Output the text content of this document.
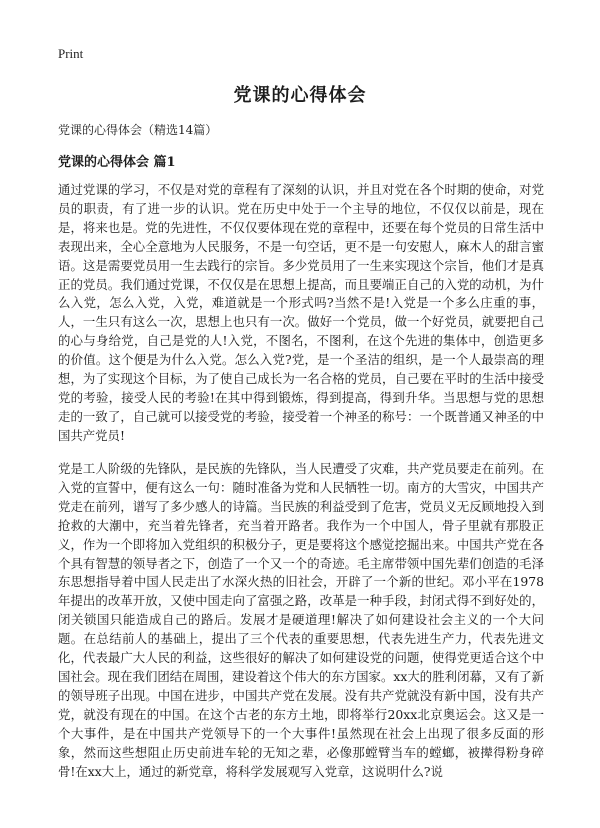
Print
党课的心得体会
党课的心得体会（精选14篇）
党课的心得体会 篇1

通过党课的学习，不仅是对党的章程有了深刻的认识，并且对党在各个时期的使命，对党员的职责，有了进一步的认识。党在历史中处于一个主导的地位，不仅仅以前是，现在是，将来也是。党的先进性，不仅仅要体现在党的章程中，还要在每个党员的日常生活中表现出来，全心全意地为人民服务，不是一句空话，更不是一句安慰人，麻木人的甜言蜜语。这是需要党员用一生去践行的宗旨。多少党员用了一生来实现这个宗旨，他们才是真正的党员。我们通过党课，不仅仅是在思想上提高，而且要端正自己的入党的动机，为什么入党，怎么入党，入党，难道就是一个形式吗?当然不是!入党是一个多么庄重的事，人，一生只有这么一次，思想上也只有一次。做好一个党员，做一个好党员，就要把自己的心与身给党，自己是党的人!入党，不图名，不图利，在这个先进的集体中，创造更多的价值。这个便是为什么入党。怎么入党?党，是一个圣洁的组织，是一个人最崇高的理想，为了实现这个目标，为了使自己成长为一名合格的党员，自己要在平时的生活中接受党的考验，接受人民的考验!在其中得到锻炼，得到提高，得到升华。当思想与党的思想走的一致了，自己就可以接受党的考验，接受着一个神圣的称号：一个既普通又神圣的中国共产党员!

党是工人阶级的先锋队，是民族的先锋队，当人民遭受了灾难，共产党员要走在前列。在入党的宣誓中，便有这么一句：随时准备为党和人民牺牲一切。南方的大雪灾，中国共产党走在前列，谱写了多少感人的诗篇。当民族的利益受到了危害，党员义无反顾地投入到抢救的大潮中，充当着先锋者，充当着开路者。我作为一个中国人，骨子里就有那股正义，作为一个即将加入党组织的积极分子，更是要将这个感觉挖掘出来。中国共产党在各个具有智慧的领导者之下，创造了一个又一个的奇迹。毛主席带领中国先辈们创造的毛泽东思想指导着中国人民走出了水深火热的旧社会，开辟了一个新的世纪。邓小平在1978年提出的改革开放，又使中国走向了富强之路，改革是一种手段，封闭式得不到好处的，闭关锁国只能造成自己的路后。发展才是硬道理!解决了如何建设社会主义的一个大问题。在总结前人的基础上，提出了三个代表的重要思想，代表先进生产力，代表先进文化，代表最广大人民的利益，这些很好的解决了如何建设党的问题，使得党更适合这个中国社会。现在我们团结在周围，建设着这个伟大的东方国家。xx大的胜利闭幕，又有了新的领导班子出现。中国在进步，中国共产党在发展。没有共产党就没有新中国，没有共产党，就没有现在的中国。在这个古老的东方土地，即将举行20xx北京奥运会。这又是一个大事件，是在中国共产党领导下的一个大事件!虽然现在社会上出现了很多反面的形象，然而这些想阻止历史前进车轮的无知之辈，必像那螳臂当车的螳螂，被撵得粉身碎骨!在xx大上，通过的新党章，将科学发展观写入党章，这说明什么?说
